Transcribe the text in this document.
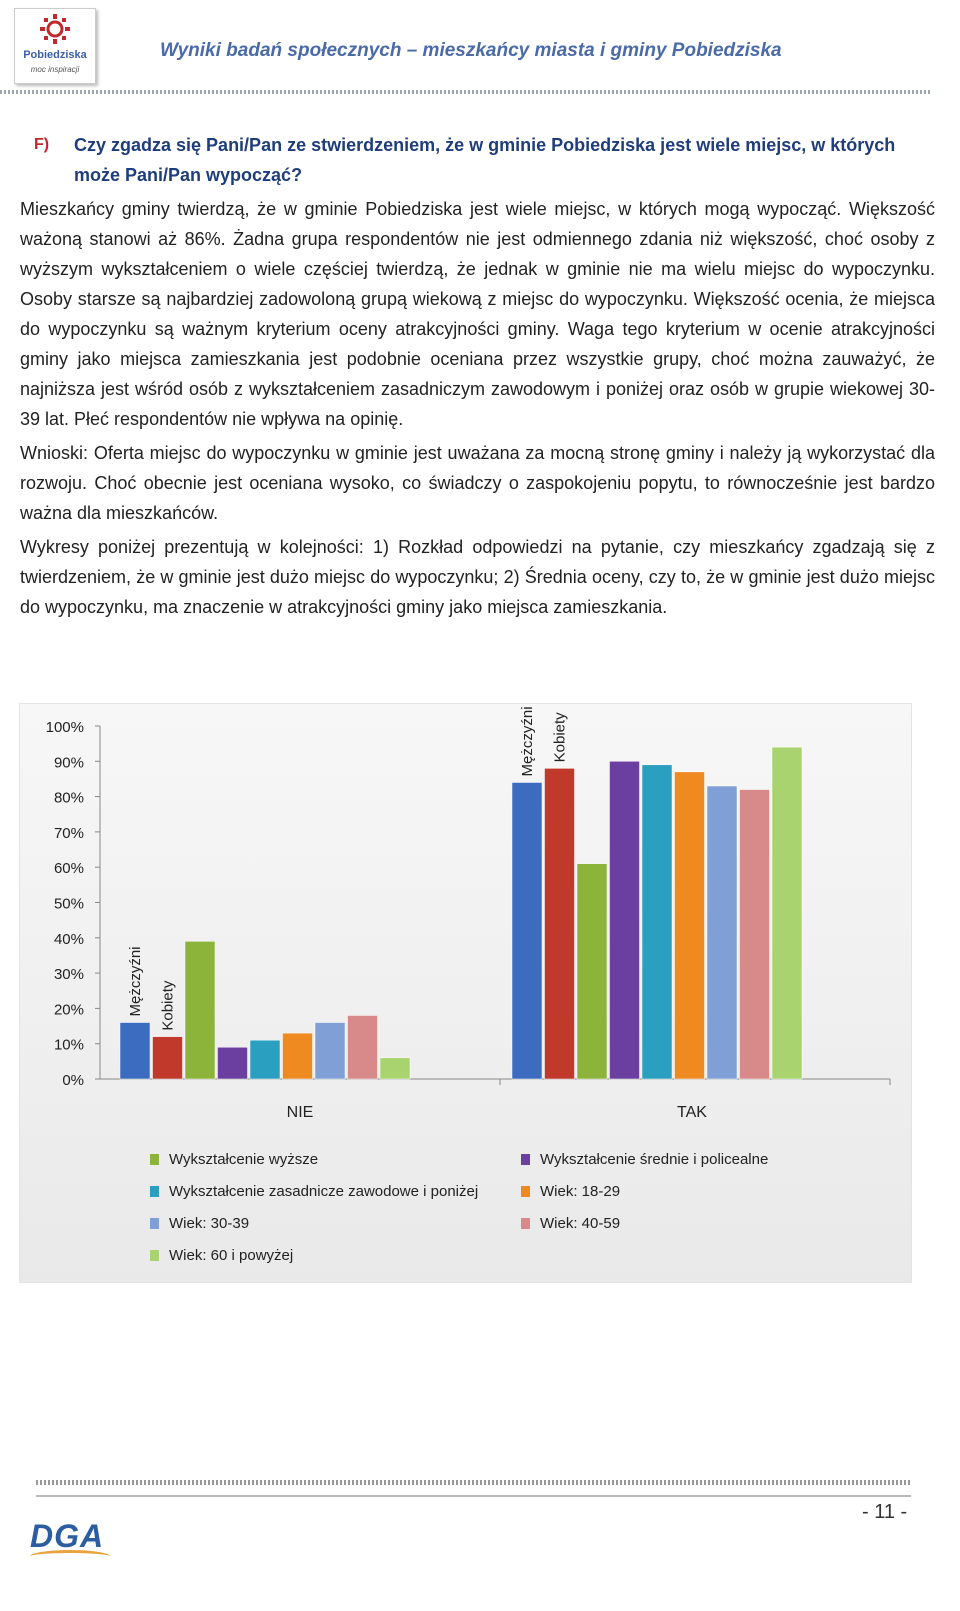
Pobiedziska
moc inspiracji
Wyniki badań społecznych – mieszkańcy miasta i gminy Pobiedziska
F) Czy zgadza się Pani/Pan ze stwierdzeniem, że w gminie Pobiedziska jest wiele miejsc, w których może Pani/Pan wypocząć?

Mieszkańcy gminy twierdzą, że w gminie Pobiedziska jest wiele miejsc, w których mogą wypocząć. Większość ważoną stanowi aż 86%. Żadna grupa respondentów nie jest odmiennego zdania niż większość, choć osoby z wyższym wykształceniem o wiele częściej twierdzą, że jednak w gminie nie ma wielu miejsc do wypoczynku. Osoby starsze są najbardziej zadowoloną grupą wiekową z miejsc do wypoczynku. Większość ocenia, że miejsca do wypoczynku są ważnym kryterium oceny atrakcyjności gminy. Waga tego kryterium w ocenie atrakcyjności gminy jako miejsca zamieszkania jest podobnie oceniana przez wszystkie grupy, choć można zauważyć, że najniższa jest wśród osób z wykształceniem zasadniczym zawodowym i poniżej oraz osób w grupie wiekowej 30-39 lat. Płeć respondentów nie wpływa na opinię.

Wnioski: Oferta miejsc do wypoczynku w gminie jest uważana za mocną stronę gminy i należy ją wykorzystać dla rozwoju. Choć obecnie jest oceniana wysoko, co świadczy o zaspokojeniu popytu, to równocześnie jest bardzo ważna dla mieszkańców.

Wykresy poniżej prezentują w kolejności: 1) Rozkład odpowiedzi na pytanie, czy mieszkańcy zgadzają się z twierdzeniem, że w gminie jest dużo miejsc do wypoczynku; 2) Średnia oceny, czy to, że w gminie jest dużo miejsc do wypoczynku, ma znaczenie w atrakcyjności gminy jako miejsca zamieszkania.

0%
10%
20%
30%
40%
50%
60%
70%
80%
90%
100%
NIE	TAK
Mężczyźni
Mężczyźni
Kobiety
Kobiety
Wykształcenie wyższe	Wykształcenie średnie i policealne
Wykształcenie zasadnicze zawodowe i poniżej	Wiek: 18-29
Wiek: 30-39	Wiek: 40-59
Wiek: 60 i powyżej
- 11 -
DGA
